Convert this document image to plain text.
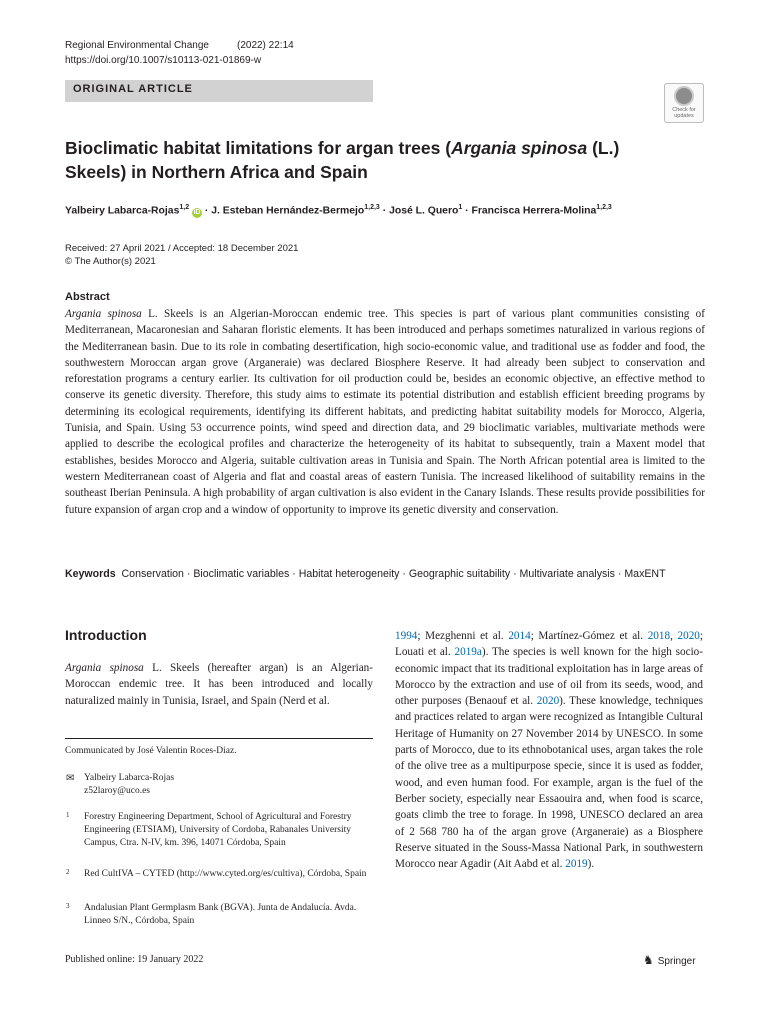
Regional Environmental Change	(2022) 22:14
https://doi.org/10.1007/s10113-021-01869-w
ORIGINAL ARTICLE
Check for updates
Bioclimatic habitat limitations for argan trees (Argania spinosa (L.) Skeels) in Northern Africa and Spain
Yalbeiry Labarca-Rojas$^{1,2}$ iD · J. Esteban Hernández-Bermejo$^{1,2,3}$ · José L. Quero$^1$ · Francisca Herrera-Molina$^{1,2,3}$
Received: 27 April 2021 / Accepted: 18 December 2021
© The Author(s) 2021
Abstract

Argania spinosa L. Skeels is an Algerian-Moroccan endemic tree. This species is part of various plant communities consisting of Mediterranean, Macaronesian and Saharan floristic elements. It has been introduced and perhaps sometimes naturalized in various regions of the Mediterranean basin. Due to its role in combating desertification, high socio-economic value, and traditional use as fodder and food, the southwestern Moroccan argan grove (Arganeraie) was declared Biosphere Reserve. It had already been subject to conservation and reforestation programs a century earlier. Its cultivation for oil production could be, besides an economic objective, an effective method to conserve its genetic diversity. Therefore, this study aims to estimate its potential distribution and establish efficient breeding programs by determining its ecological requirements, identifying its different habitats, and predicting habitat suitability models for Morocco, Algeria, Tunisia, and Spain. Using 53 occurrence points, wind speed and direction data, and 29 bioclimatic variables, multivariate methods were applied to describe the ecological profiles and characterize the heterogeneity of its habitat to subsequently, train a Maxent model that establishes, besides Morocco and Algeria, suitable cultivation areas in Tunisia and Spain. The North African potential area is limited to the western Mediterranean coast of Algeria and flat and coastal areas of eastern Tunisia. The increased likelihood of suitability remains in the southeast Iberian Peninsula. A high probability of argan cultivation is also evident in the Canary Islands. These results provide possibilities for future expansion of argan crop and a window of opportunity to improve its genetic diversity and conservation.

Keywords Conservation · Bioclimatic variables · Habitat heterogeneity · Geographic suitability · Multivariate analysis · MaxENT

Introduction

Argania spinosa L. Skeels (hereafter argan) is an Algerian-Moroccan endemic tree. It has been introduced and locally naturalized mainly in Tunisia, Israel, and Spain (Nerd et al.

Communicated by José Valentin Roces-Diaz.
✉ Yalbeiry Labarca-Rojas
z52laroy@uco.es
1 Forestry Engineering Department, School of Agricultural and Forestry Engineering (ETSIAM), University of Cordoba, Rabanales University Campus, Ctra. N-IV, km. 396, 14071 Córdoba, Spain
2 Red CultIVA – CYTED (http://www.cyted.org/es/cultiva), Córdoba, Spain
3 Andalusian Plant Germplasm Bank (BGVA). Junta de Andalucía. Avda. Linneo S/N., Córdoba, Spain

1994; Mezghenni et al. 2014; Martínez-Gómez et al. 2018, 2020; Louati et al. 2019a). The species is well known for the high socio-economic impact that its traditional exploitation has in large areas of Morocco by the extraction and use of oil from its seeds, wood, and other purposes (Benaouf et al. 2020). These knowledge, techniques and practices related to argan were recognized as Intangible Cultural Heritage of Humanity on 27 November 2014 by UNESCO. In some parts of Morocco, due to its ethnobotanical uses, argan takes the role of the olive tree as a multipurpose specie, since it is used as fodder, wood, and even human food. For example, argan is the fuel of the Berber society, especially near Essaouira and, when food is scarce, goats climb the tree to forage. In 1998, UNESCO declared an area of 2 568 780 ha of the argan grove (Arganeraie) as a Biosphere Reserve situated in the Souss-Massa National Park, in southwestern Morocco near Agadir (Ait Aabd et al. 2019).

Published online: 19 January 2022	♞ Springer
